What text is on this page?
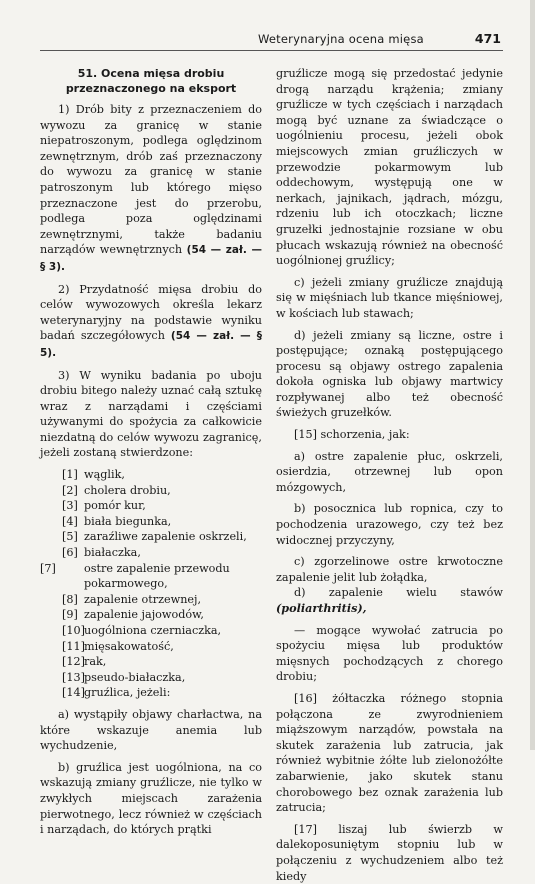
Weterynaryjna ocena mięsa	471
51. Ocena mięsa drobiu
przeznaczonego na eksport

1) Drób bity z przeznaczeniem do wywozu za granicę w stanie niepatroszonym, podlega oględzinom zewnętrznym, drób zaś przeznaczony do wywozu za granicę w stanie patroszonym lub którego mięso przeznaczone jest do przerobu, podlega poza oględzinami zewnętrznymi, także badaniu narządów wewnętrznych (54 — zał. — § 3).

2) Przydatność mięsa drobiu do celów wywozowych określa lekarz weterynaryjny na podstawie wyniku badań szczegółowych (54 — zał. — § 5).

3) W wyniku badania po uboju drobiu bitego należy uznać całą sztukę wraz z narządami i częściami używanymi do spożycia za całkowicie niezdatną do celów wywozu zagranicę, jeżeli zostaną stwierdzone:

[1] wąglik,
[2] cholera drobiu,
[3] pomór kur,
[4] biała biegunka,
[5] zaraźliwe zapalenie oskrzeli,
[6] białaczka,
[7]	ostre zapalenie przewodu pokarmowego,
[8] zapalenie otrzewnej,
[9] zapalenie jajowodów,
[10]uogólniona czerniaczka,
[11]mięsakowatość,
[12]rak,
[13]pseudo-białaczka,
[14]gruźlica, jeżeli:

a) wystąpiły objawy charłactwa, na które wskazuje anemia lub wychudzenie,

b) gruźlica jest uogólniona, na co wskazują zmiany gruźlicze, nie tylko w zwykłych miejscach zarażenia pierwotnego, lecz również w częściach i narządach, do których prątki

gruźlicze mogą się przedostać jedynie drogą narządu krążenia; zmiany gruźlicze w tych częściach i narządach mogą być uznane za świadczące o uogólnieniu procesu, jeżeli obok miejscowych zmian gruźliczych w przewodzie pokarmowym lub oddechowym, występują one w nerkach, jajnikach, jądrach, mózgu, rdzeniu lub ich otoczkach; liczne gruzełki jednostajnie rozsiane w obu płucach wskazują również na obecność uogólnionej gruźlicy;

c) jeżeli zmiany gruźlicze znajdują się w mięśniach lub tkance mięśniowej, w kościach lub stawach;

d) jeżeli zmiany są liczne, ostre i postępujące; oznaką postępującego procesu są objawy ostrego zapalenia dokoła ogniska lub objawy martwicy rozpływanej albo też obecność świeżych gruzełków.

[15] schorzenia, jak:

a) ostre zapalenie płuc, oskrzeli, osierdzia, otrzewnej lub opon mózgowych,

b) posocznica lub ropnica, czy to pochodzenia urazowego, czy też bez widocznej przyczyny,

c) zgorzelinowe ostre krwotoczne zapalenie jelit lub żołądka,

d) zapalenie wielu stawów (poliarthritis),

— mogące wywołać zatrucia po spożyciu mięsa lub produktów mięsnych pochodzących z chorego drobiu;

[16] żółtaczka różnego stopnia połączona ze zwyrodnieniem miąższowym narządów, powstała na skutek zarażenia lub zatrucia, jak również wybitnie żółte lub zielonożółte zabarwienie, jako skutek stanu chorobowego bez oznak zarażenia lub zatrucia;

[17] liszaj lub świerzb w dalekoposuniętym stopniu lub w połączeniu z wychudzeniem albo też kiedy
